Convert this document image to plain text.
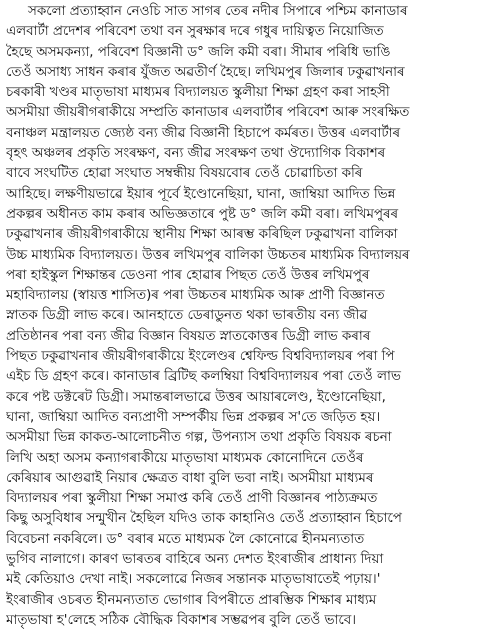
সকলো প্ৰত্যাহ্বান নেওচি সাত সাগৰ তেৰ নদীৰ সিপাৰে পশ্চিম কানাডাৰ
এলবাৰ্টা প্ৰদেশৰ পৰিবেশ তথা বন সুৰক্ষাৰ দৰে গধুৰ দায়িত্বত নিয়োজিত
হৈছে অসমকন্যা, পৰিবেশ বিজ্ঞানী ড° জলি কমী বৰা। সীমাৰ পৰিধি ভাঙি
তেওঁ অসাধ্য সাধন কৰাৰ যুঁজত অৱতীৰ্ণ হৈছে। লখিমপুৰ জিলাৰ ঢকুৱাখনাৰ
চৰকাৰী খণ্ডৰ মাতৃভাষা মাধ্যমৰ বিদ্যালয়ত স্কুলীয়া শিক্ষা গ্ৰহণ কৰা সাহসী
অসমীয়া জীয়ৰীগৰাকীয়ে সম্প্ৰতি কানাডাৰ এলবাৰ্টাৰ পৰিবেশ আৰু সংৰক্ষিত
বনাঞ্চল মন্ত্ৰালয়ত জ্যেষ্ঠ বন্য জীৱ বিজ্ঞানী হিচাপে কৰ্মৰত। উত্তৰ এলবাৰ্টাৰ
বৃহৎ অঞ্চলৰ প্ৰকৃতি সংৰক্ষণ, বন্য জীৱ সংৰক্ষণ তথা ঔদ্যোগিক বিকাশৰ
বাবে সংঘটিত হোৱা সংঘাত সম্বন্ধীয় বিষয়বোৰ তেওঁ চোৱাচিতা কৰি
আহিছে। লক্ষণীয়ভাৱে ইয়াৰ পূৰ্বে ইণ্ডোনেছিয়া, ঘানা, জাম্বিয়া আদিত ভিন্ন
প্ৰকল্পৰ অধীনত কাম কৰাৰ অভিজ্ঞতাৰে পুষ্ট ড° জলি কমী বৰা। লখিমপুৰৰ
ঢকুৱাখনাৰ জীয়ৰীগৰাকীয়ে স্থানীয় শিক্ষা আৰম্ভ কৰিছিল ঢকুৱাখনা বালিকা
উচ্চ মাধ্যমিক বিদ্যালয়ত। উত্তৰ লখিমপুৰ বালিকা উচ্চতৰ মাধ্যমিক বিদ্যালয়ৰ
পৰা হাইস্কুল শিক্ষান্তৰ ডেওনা পাৰ হোৱাৰ পিছত তেওঁ উত্তৰ লখিমপুৰ
মহাবিদ্যালয় (স্বায়ত্ত শাসিত)ৰ পৰা উচ্চতৰ মাধ্যমিক আৰু প্ৰাণী বিজ্ঞানত
স্নাতক ডিগ্ৰী লাভ কৰে। আনহাতে ডেৰাডুনত থকা ভাৰতীয় বন্য জীৱ
প্ৰতিষ্ঠানৰ পৰা বন্য জীৱ বিজ্ঞান বিষয়ত স্নাতকোত্তৰ ডিগ্ৰী লাভ কৰাৰ
পিছত ঢকুৱাখনাৰ জীয়ৰীগৰাকীয়ে ইংলেণ্ডৰ শ্বেফিল্ড বিশ্ববিদ্যালয়ৰ পৰা পি
এইচ ডি গ্ৰহণ কৰে। কানাডাৰ ব্ৰিটিছ কলম্বিয়া বিশ্ববিদ্যালয়ৰ পৰা তেওঁ লাভ
কৰে পষ্ট ডক্টৰেট ডিগ্ৰী। সমান্তৰালভাৱে উত্তৰ আয়াৰলেণ্ড, ইণ্ডোনেছিয়া,
ঘানা, জাম্বিয়া আদিত বন্যপ্ৰাণী সম্পৰ্কীয় ভিন্ন প্ৰকল্পৰ স'তে জড়িত হয়।
অসমীয়া ভিন্ন কাকত-আলোচনীত গল্প, উপন্যাস তথা প্ৰকৃতি বিষয়ক ৰচনা
লিখি অহা অসম কন্যাগৰাকীয়ে মাতৃভাষা মাধ্যমক কোনোদিনে তেওঁৰ
কেৰিয়াৰ আগুৱাই নিয়াৰ ক্ষেত্ৰত বাধা বুলি ভবা নাই। অসমীয়া মাধ্যমৰ
বিদ্যালয়ৰ পৰা স্কুলীয়া শিক্ষা সমাপ্ত কৰি তেওঁ প্ৰাণী বিজ্ঞানৰ পাঠ্যক্ৰমত
কিছু অসুবিধাৰ সন্মুখীন হৈছিল যদিও তাক কাহানিও তেওঁ প্ৰত্যাহ্বান হিচাপে
বিবেচনা নকৰিলে। ড° বৰাৰ মতে মাধ্যমক লৈ কোনোৱে হীনমন্যতাত
ভুগিব নালাগে। কাৰণ ভাৰতৰ বাহিৰে অন্য দেশত ইংৰাজীৰ প্ৰাধান্য দিয়া
মই কেতিয়াও দেখা নাই। সকলোৱে নিজৰ সন্তানক মাতৃভাষাতেই পঢ়ায়।'
ইংৰাজীৰ ওচৰত হীনমন্যতাত ভোগাৰ বিপৰীতে প্ৰাৰম্ভিক শিক্ষাৰ মাধ্যম
মাতৃভাষা হ'লেহে সঠিক বৌদ্ধিক বিকাশৰ সম্ভৱপৰ বুলি তেওঁ ভাবে।
